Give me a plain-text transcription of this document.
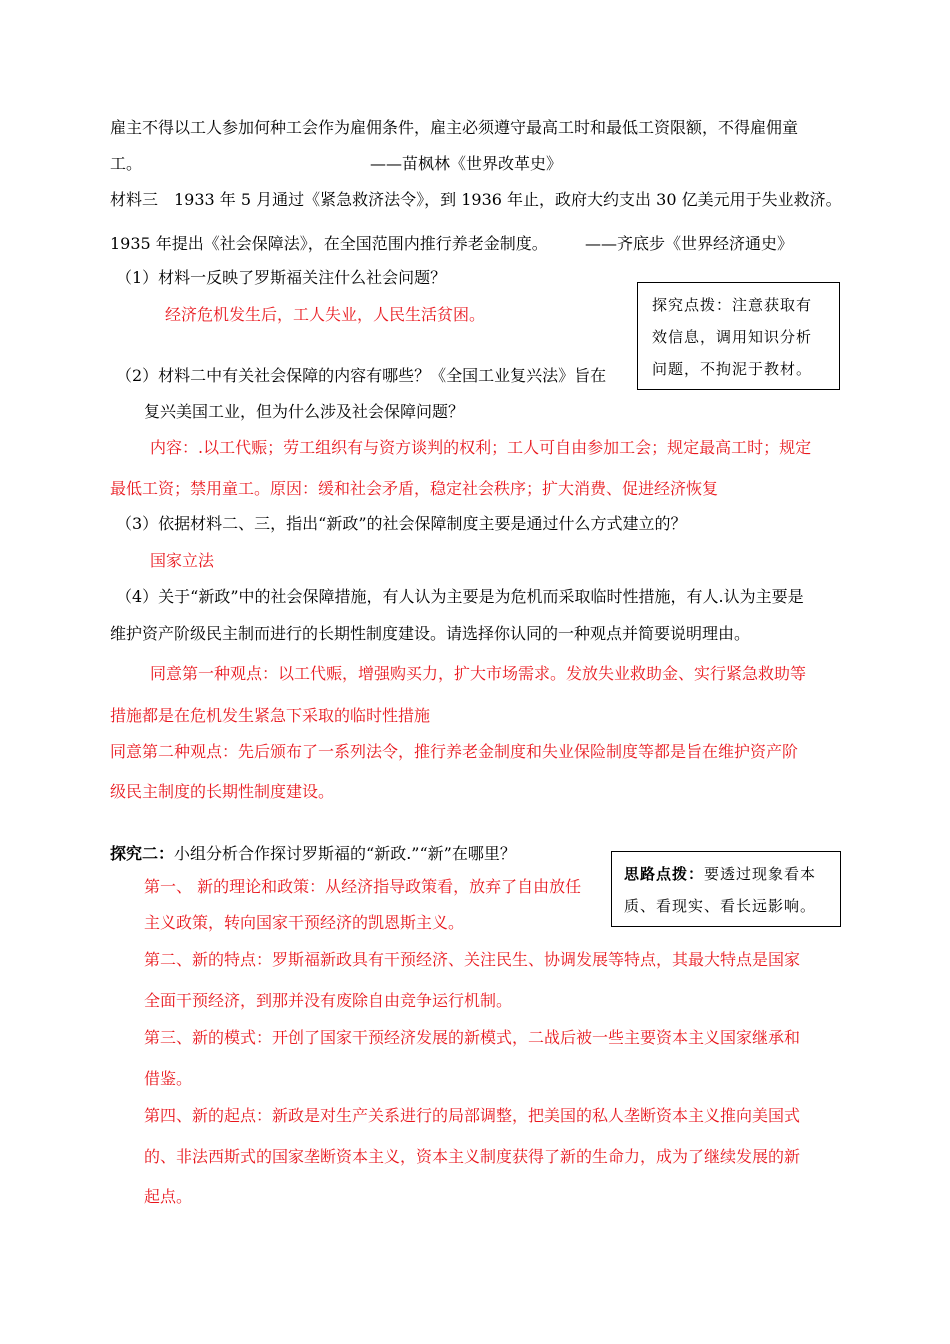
雇主不得以工人参加何种工会作为雇佣条件，雇主必须遵守最高工时和最低工资限额，不得雇佣童
工。	——苗枫林《世界改革史》
材料三　1933 年 5 月通过《紧急救济法令》，到 1936 年止，政府大约支出 30 亿美元用于失业救济。
1935 年提出《社会保障法》，在全国范围内推行养老金制度。 ——齐底步《世界经济通史》
（1）材料一反映了罗斯福关注什么社会问题？
经济危机发生后，工人失业，人民生活贫困。	探究点拨：注意获取有
效信息，调用知识分析
问题，不拘泥于教材。
（2）材料二中有关社会保障的内容有哪些？《全国工业复兴法》旨在
复兴美国工业，但为什么涉及社会保障问题？
内容：.以工代赈；劳工组织有与资方谈判的权利；工人可自由参加工会；规定最高工时；规定
最低工资；禁用童工。原因：缓和社会矛盾，稳定社会秩序；扩大消费、促进经济恢复
（3）依据材料二、三，指出“新政”的社会保障制度主要是通过什么方式建立的？
国家立法
（4）关于“新政”中的社会保障措施，有人认为主要是为危机而采取临时性措施，有人.认为主要是
维护资产阶级民主制而进行的长期性制度建设。请选择你认同的一种观点并简要说明理由。
同意第一种观点：以工代赈，增强购买力，扩大市场需求。发放失业救助金、实行紧急救助等
措施都是在危机发生紧急下采取的临时性措施
同意第二种观点：先后颁布了一系列法令，推行养老金制度和失业保险制度等都是旨在维护资产阶
级民主制度的长期性制度建设。
探究二：小组分析合作探讨罗斯福的“新政.”“新”在哪里？
思路点拨：要透过现象看本
质、看现实、看长远影响。
第一、 新的理论和政策：从经济指导政策看，放弃了自由放任
主义政策，转向国家干预经济的凯恩斯主义。
第二、新的特点：罗斯福新政具有干预经济、关注民生、协调发展等特点，其最大特点是国家
全面干预经济，到那并没有废除自由竞争运行机制。
第三、新的模式：开创了国家干预经济发展的新模式，二战后被一些主要资本主义国家继承和
借鉴。
第四、新的起点：新政是对生产关系进行的局部调整，把美国的私人垄断资本主义推向美国式
的、非法西斯式的国家垄断资本主义，资本主义制度获得了新的生命力，成为了继续发展的新
起点。
